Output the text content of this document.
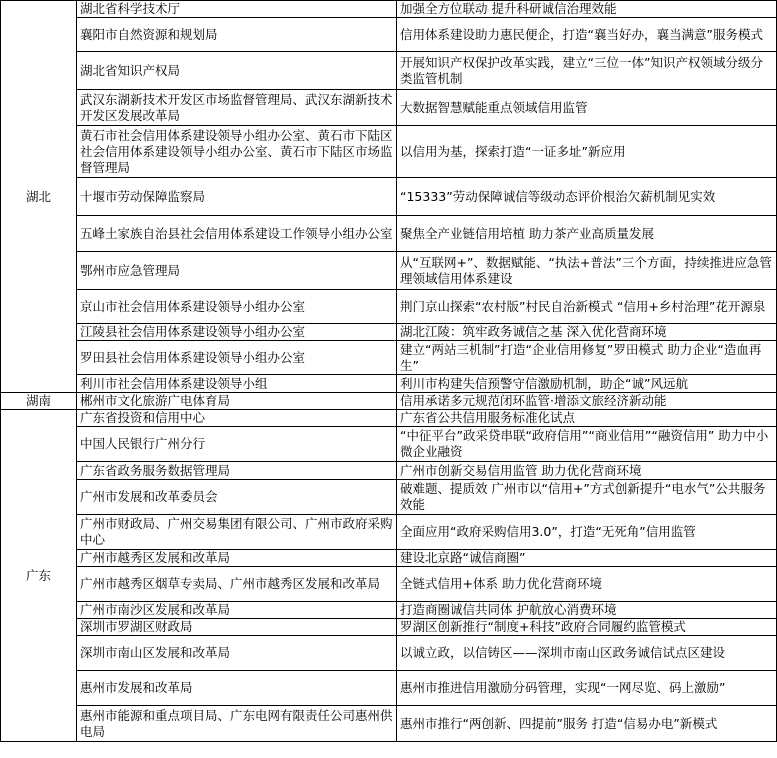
湖北	湖北省科学技术厅	加强全方位联动 提升科研诚信治理效能
	襄阳市自然资源和规划局	信用体系建设助力惠民便企，打造“襄当好办，襄当满意”服务模式
	湖北省知识产权局	开展知识产权保护改革实践，建立“三位一体”知识产权领域分级分类监管机制
	武汉东湖新技术开发区市场监督管理局、武汉东湖新技术开发区发展改革局	大数据智慧赋能重点领域信用监管
	黄石市社会信用体系建设领导小组办公室、黄石市下陆区社会信用体系建设领导小组办公室、黄石市下陆区市场监督管理局	以信用为基，探索打造“一证多址”新应用
	十堰市劳动保障监察局	“15333”劳动保障诚信等级动态评价根治欠薪机制见实效
	五峰土家族自治县社会信用体系建设工作领导小组办公室	聚焦全产业链信用培植 助力茶产业高质量发展
	鄂州市应急管理局	从“互联网+”、数据赋能、“执法+普法”三个方面，持续推进应急管理领域信用体系建设
	京山市社会信用体系建设领导小组办公室	荆门京山探索“农村版”村民自治新模式 “信用+乡村治理”花开源泉
	江陵县社会信用体系建设领导小组办公室	湖北江陵：筑牢政务诚信之基 深入优化营商环境
	罗田县社会信用体系建设领导小组办公室	建立“两站三机制”打造“企业信用修复”罗田模式 助力企业“造血再生”
	利川市社会信用体系建设领导小组	利川市构建失信预警守信激励机制，助企“诚”风远航
湖南	郴州市文化旅游广电体育局	信用承诺多元规范闭环监管·增添文旅经济新动能
广东	广东省投资和信用中心	广东省公共信用服务标准化试点
	中国人民银行广州分行	“中征平台”政采贷串联“政府信用”“商业信用”“融资信用” 助力中小微企业融资
	广东省政务服务数据管理局	广州市创新交易信用监管 助力优化营商环境
	广州市发展和改革委员会	破难题、提质效 广州市以“信用+”方式创新提升“电水气”公共服务效能
	广州市财政局、广州交易集团有限公司、广州市政府采购中心	全面应用“政府采购信用3.0”，打造“无死角”信用监管
	广州市越秀区发展和改革局	建设北京路“诚信商圈”
	广州市越秀区烟草专卖局、广州市越秀区发展和改革局	全链式信用+体系 助力优化营商环境
	广州市南沙区发展和改革局	打造商圈诚信共同体 护航放心消费环境
	深圳市罗湖区财政局	罗湖区创新推行“制度+科技”政府合同履约监管模式
	深圳市南山区发展和改革局	以诚立政，以信铸区——深圳市南山区政务诚信试点区建设
	惠州市发展和改革局	惠州市推进信用激励分码管理，实现“一网尽览、码上激励”
	惠州市能源和重点项目局、广东电网有限责任公司惠州供电局	惠州市推行“两创新、四提前”服务 打造“信易办电”新模式
